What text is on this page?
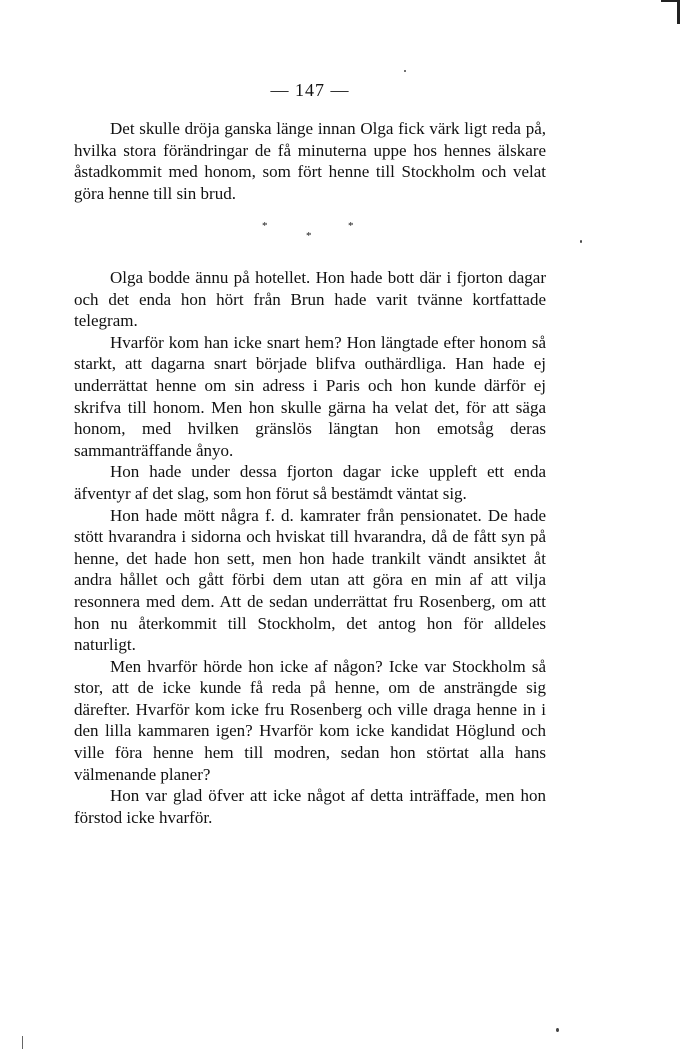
— 147 —

Det skulle dröja ganska länge innan Olga fick värk ligt reda på, hvilka stora förändringar de få minuterna uppe hos hennes älskare åstadkommit med honom, som fört henne till Stockholm och velat göra henne till sin brud.

*	*
*

Olga bodde ännu på hotellet. Hon hade bott där i fjorton dagar och det enda hon hört från Brun hade varit tvänne kortfattade telegram.

Hvarför kom han icke snart hem? Hon längtade efter honom så starkt, att dagarna snart började blifva outhärdliga. Han hade ej underrättat henne om sin adress i Paris och hon kunde därför ej skrifva till honom. Men hon skulle gärna ha velat det, för att säga honom, med hvilken gränslös längtan hon emotsåg deras sammanträffande ånyo.

Hon hade under dessa fjorton dagar icke uppleft ett enda äfventyr af det slag, som hon förut så bestämdt väntat sig.

Hon hade mött några f. d. kamrater från pensionatet. De hade stött hvarandra i sidorna och hviskat till hvarandra, då de fått syn på henne, det hade hon sett, men hon hade trankilt vändt ansiktet åt andra hållet och gått förbi dem utan att göra en min af att vilja resonnera med dem. Att de sedan underrättat fru Rosenberg, om att hon nu återkommit till Stockholm, det antog hon för alldeles naturligt.

Men hvarför hörde hon icke af någon? Icke var Stockholm så stor, att de icke kunde få reda på henne, om de ansträngde sig därefter. Hvarför kom icke fru Rosenberg och ville draga henne in i den lilla kammaren igen? Hvarför kom icke kandidat Höglund och ville föra henne hem till modren, sedan hon störtat alla hans välmenande planer?

Hon var glad öfver att icke något af detta inträffade, men hon förstod icke hvarför.
